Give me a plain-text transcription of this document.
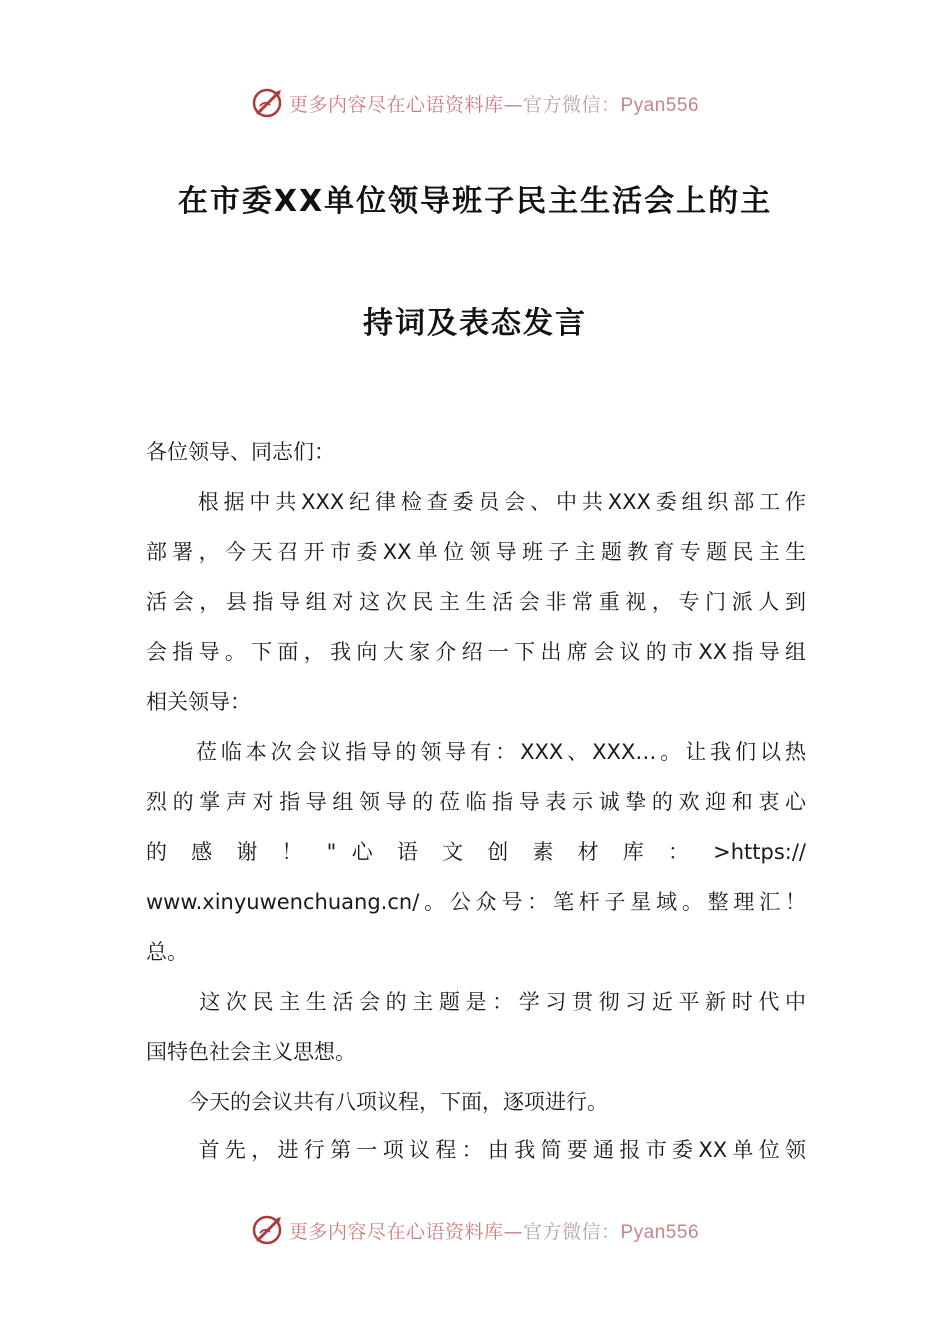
更多内容尽在心语资料库—官方微信：Pyan556
在市委XX单位领导班子民主生活会上的主
持词及表态发言
各位领导、同志们：
　　根据中共XXX纪律检查委员会、中共XXX委组织部工作
部署，今天召开市委XX单位领导班子主题教育专题民主生
活会，县指导组对这次民主生活会非常重视，专门派人到
会指导。下面，我向大家介绍一下出席会议的市XX指导组
相关领导：
　　莅临本次会议指导的领导有：XXX、XXX…。让我们以热
烈的掌声对指导组领导的莅临指导表示诚挚的欢迎和衷心
的 感 谢 ！ " 心 语 文 创 素 材 库 ： >https://
www.xinyuwenchuang.cn/。公众号：笔杆子星域。整理汇！
总。
　　这次民主生活会的主题是：学习贯彻习近平新时代中
国特色社会主义思想。
　　今天的会议共有八项议程，下面，逐项进行。
　　首先，进行第一项议程：由我简要通报市委XX单位领
更多内容尽在心语资料库—官方微信：Pyan556
